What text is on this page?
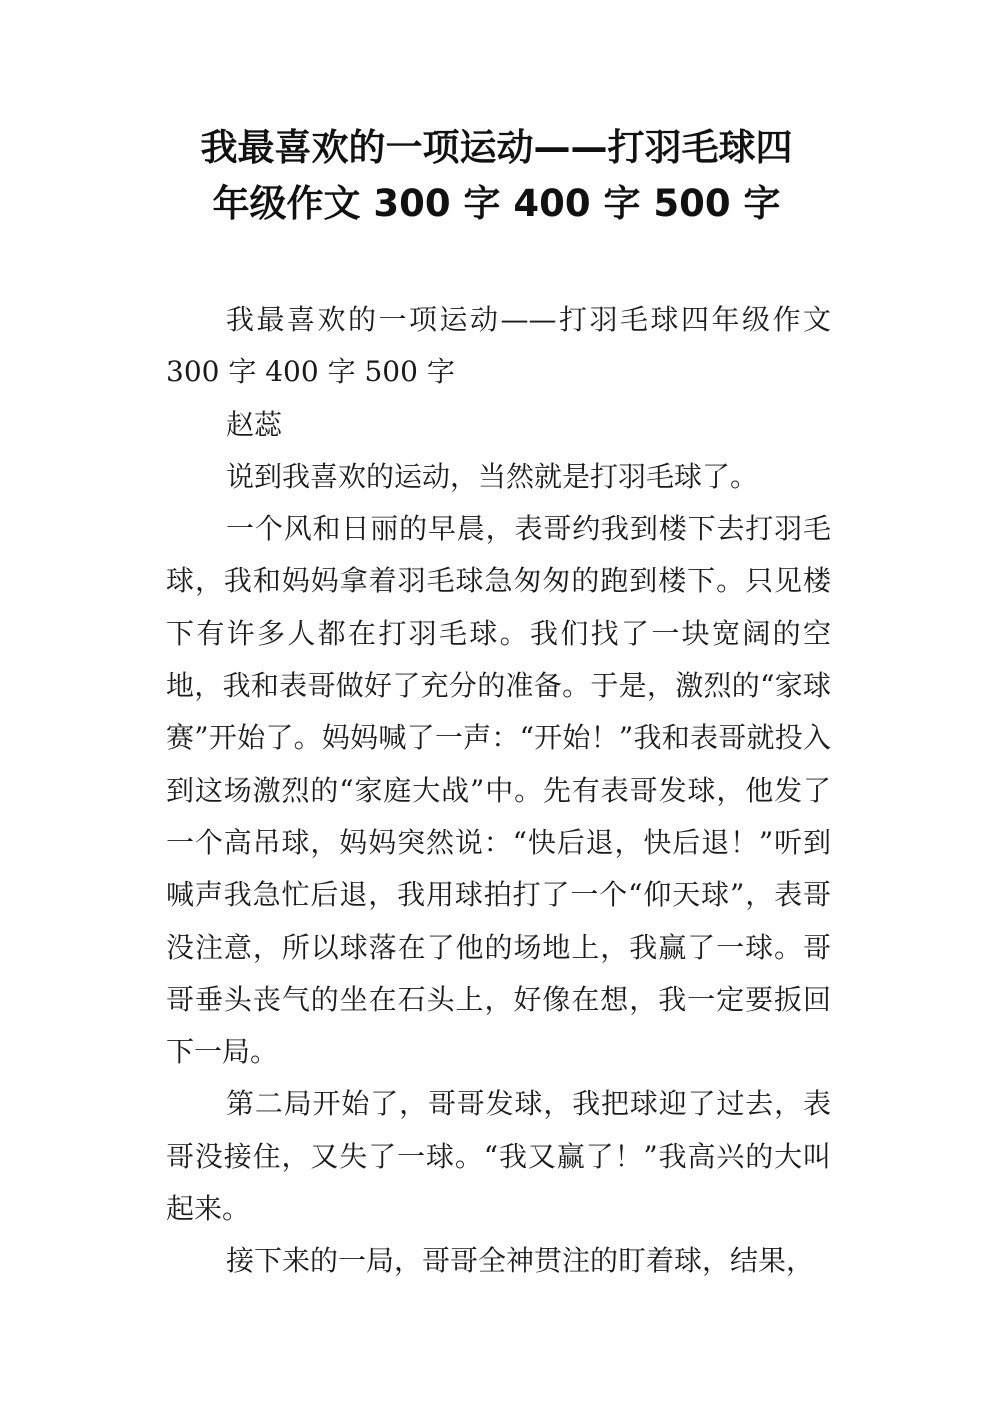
我最喜欢的一项运动——打羽毛球四
年级作文 300 字 400 字 500 字

我最喜欢的一项运动——打羽毛球四年级作文 300 字 400 字 500 字

赵蕊

说到我喜欢的运动，当然就是打羽毛球了。

一个风和日丽的早晨，表哥约我到楼下去打羽毛球，我和妈妈拿着羽毛球急匆匆的跑到楼下。只见楼下有许多人都在打羽毛球。我们找了一块宽阔的空地，我和表哥做好了充分的准备。于是，激烈的“家球赛”开始了。妈妈喊了一声：“开始！”我和表哥就投入到这场激烈的“家庭大战”中。先有表哥发球，他发了一个高吊球，妈妈突然说：“快后退，快后退！”听到喊声我急忙后退，我用球拍打了一个“仰天球”，表哥没注意，所以球落在了他的场地上，我赢了一球。哥哥垂头丧气的坐在石头上，好像在想，我一定要扳回下一局。

第二局开始了，哥哥发球，我把球迎了过去，表哥没接住，又失了一球。“我又赢了！”我高兴的大叫起来。

接下来的一局，哥哥全神贯注的盯着球，结果，
